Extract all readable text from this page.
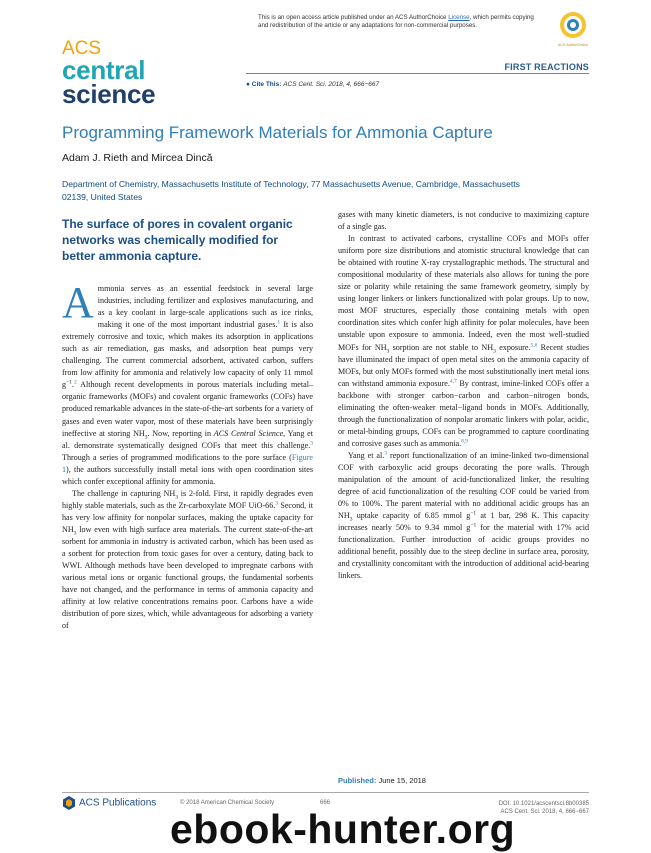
This is an open access article published under an ACS AuthorChoice License, which permits copying and redistribution of the article or any adaptations for non-commercial purposes.
ACS AuthorChoice
ACS
central
science
FIRST REACTIONS
● Cite This: ACS Cent. Sci. 2018, 4, 666−667
Programming Framework Materials for Ammonia Capture
Adam J. Rieth and Mircea Dincă
Department of Chemistry, Massachusetts Institute of Technology, 77 Massachusetts Avenue, Cambridge, Massachusetts 02139, United States
The surface of pores in covalent organic networks was chemically modified for better ammonia capture.

Ammonia serves as an essential feedstock in several large industries, including fertilizer and explosives manufacturing, and as a key coolant in large-scale applications such as ice rinks, making it one of the most important industrial gases.$^1$ It is also extremely corrosive and toxic, which makes its adsorption in applications such as air remediation, gas masks, and adsorption heat pumps very challenging. The current commercial adsorbent, activated carbon, suffers from low affinity for ammonia and relatively low capacity of only 11 mmol $g^{-1}.^2$ Although recent developments in porous materials including metal–organic frameworks (MOFs) and covalent organic frameworks (COFs) have produced remarkable advances in the state-of-the-art sorbents for a variety of gases and even water vapor, most of these materials have been surprisingly ineffective at storing $NH_3$. Now, reporting in ACS Central Science, Yang et al. demonstrate systematically designed COFs that meet this challenge.$^3$ Through a series of programmed modifications to the pore surface (Figure 1), the authors successfully install metal ions with open coordination sites which confer exceptional affinity for ammonia.

The challenge in capturing $NH_3$ is 2-fold. First, it rapidly degrades even highly stable materials, such as the Zr-carboxylate MOF UiO-66.$^3$ Second, it has very low affinity for nonpolar surfaces, making the uptake capacity for $NH_3$ low even with high surface area materials. The current state-of-the-art sorbent for ammonia in industry is activated carbon, which has been used as a sorbent for protection from toxic gases for over a century, dating back to WWI. Although methods have been developed to impregnate carbons with various metal ions or organic functional groups, the fundamental sorbents have not changed, and the performance in terms of ammonia capacity and affinity at low relative concentrations remains poor. Carbons have a wide distribution of pore sizes, which, while advantageous for adsorbing a variety of

gases with many kinetic diameters, is not conducive to maximizing capture of a single gas.

In contrast to activated carbons, crystalline COFs and MOFs offer uniform pore size distributions and atomistic structural knowledge that can be obtained with routine X-ray crystallographic methods. The structural and compositional modularity of these materials also allows for tuning the pore size or polarity while retaining the same framework geometry, simply by using longer linkers or linkers functionalized with polar groups. Up to now, most MOF structures, especially those containing metals with open coordination sites which confer high affinity for polar molecules, have been unstable upon exposure to ammonia. Indeed, even the most well-studied MOFs for $NH_3$ sorption are not stable to $NH_3$ exposure.$^{5,6}$ Recent studies have illuminated the impact of open metal sites on the ammonia capacity of MOFs, but only MOFs formed with the most substitutionally inert metal ions can withstand ammonia exposure.$^{4,7}$ By contrast, imine-linked COFs offer a backbone with stronger carbon−carbon and carbon−nitrogen bonds, eliminating the often-weaker metal−ligand bonds in MOFs. Additionally, through the functionalization of nonpolar aromatic linkers with polar, acidic, or metal-binding groups, COFs can be programmed to capture coordinating and corrosive gases such as ammonia.$^{8,9}$

Yang et al.$^3$ report functionalization of an imine-linked two-dimensional COF with carboxylic acid groups decorating the pore walls. Through manipulation of the amount of acid-functionalized linker, the resulting degree of acid functionalization of the resulting COF could be varied from 0% to 100%. The parent material with no additional acidic groups has an $NH_3$ uptake capacity of 6.85 mmol $g^{-1}$ at 1 bar, 298 K. This capacity increases nearly 50% to 9.34 mmol $g^{-1}$ for the material with 17% acid functionalization. Further introduction of acidic groups provides no additional benefit, possibly due to the steep decline in surface area, porosity, and crystallinity concomitant with the introduction of additional acid-bearing linkers.

Published: June 15, 2018
ACS Publications	© 2018 American Chemical Society	666	DOI: 10.1021/acscentsci.8b00385
ACS Cent. Sci. 2018, 4, 666−667
ebook-hunter.org
